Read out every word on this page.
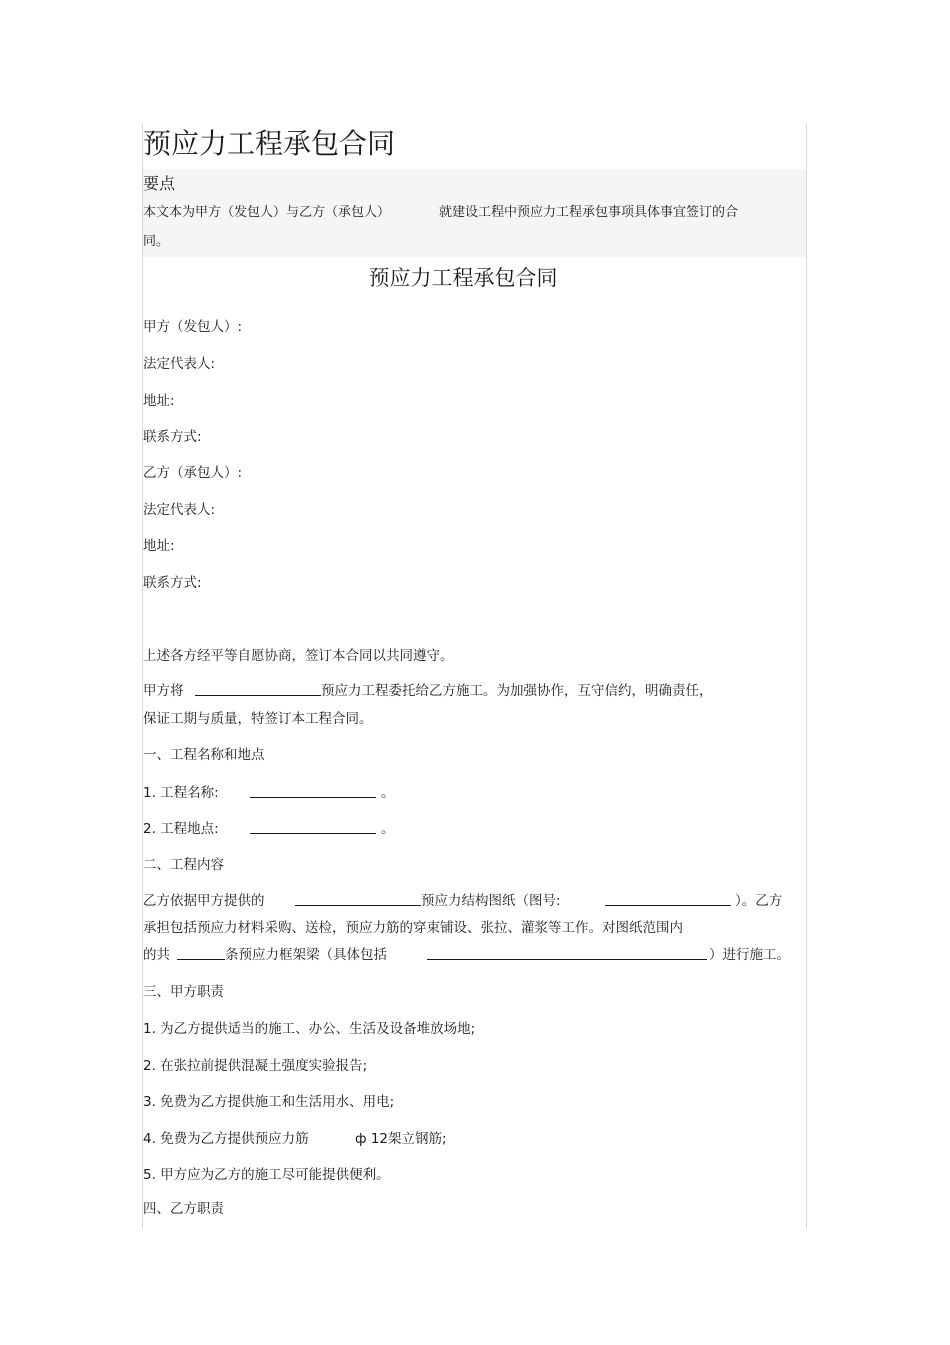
预应力工程承包合同
要点
本文本为甲方（发包人）与乙方（承包人）	就建设工程中预应力工程承包事项具体事宜签订的合
同。
预应力工程承包合同
甲方（发包人）:
法定代表人:
地址:
联系方式:
乙方（承包人）:
法定代表人:
地址:
联系方式:
上述各方经平等自愿协商，签订本合同以共同遵守。
甲方将	预应力工程委托给乙方施工。为加强协作，互守信约，明确责任，
保证工期与质量，特签订本工程合同。
一、工程名称和地点
1. 工程名称:	。
2. 工程地点:	。
二、工程内容
乙方依据甲方提供的	预应力结构图纸（图号:	）。乙方
承担包括预应力材料采购、送检，预应力筋的穿束铺设、张拉、灌浆等工作。对图纸范围内
的共	条预应力框架梁（具体包括	）进行施工。
三、甲方职责
1. 为乙方提供适当的施工、办公、生活及设备堆放场地;
2. 在张拉前提供混凝土强度实验报告;
3. 免费为乙方提供施工和生活用水、用电;
4. 免费为乙方提供预应力筋	ф 12架立钢筋;
5. 甲方应为乙方的施工尽可能提供便利。
四、乙方职责
